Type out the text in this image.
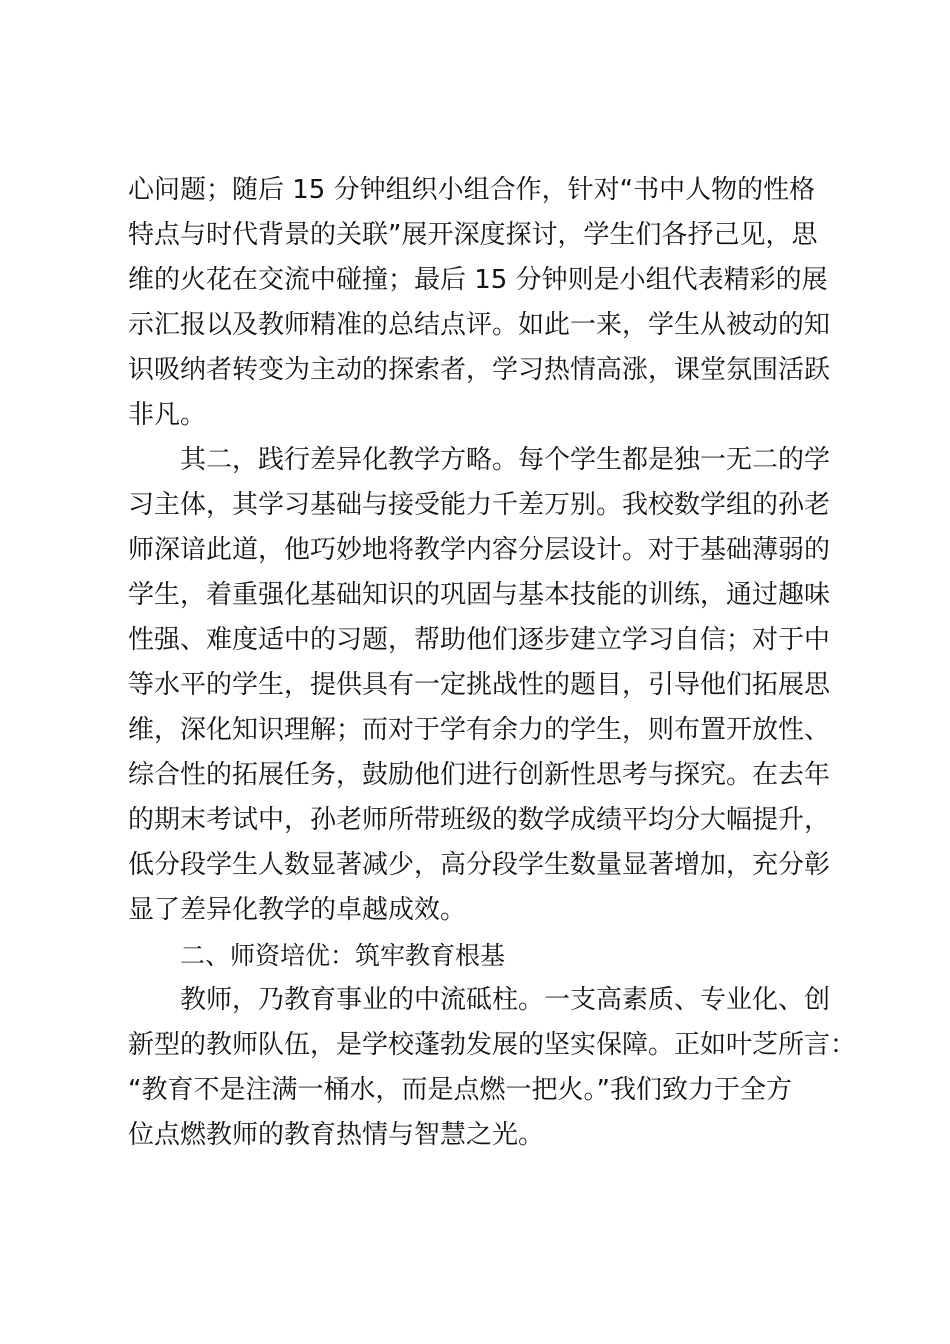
心问题；随后 15 分钟组织小组合作，针对“书中人物的性格
特点与时代背景的关联”展开深度探讨，学生们各抒己见，思
维的火花在交流中碰撞；最后 15 分钟则是小组代表精彩的展
示汇报以及教师精准的总结点评。如此一来，学生从被动的知
识吸纳者转变为主动的探索者，学习热情高涨，课堂氛围活跃
非凡。
其二，践行差异化教学方略。每个学生都是独一无二的学
习主体，其学习基础与接受能力千差万别。我校数学组的孙老
师深谙此道，他巧妙地将教学内容分层设计。对于基础薄弱的
学生，着重强化基础知识的巩固与基本技能的训练，通过趣味
性强、难度适中的习题，帮助他们逐步建立学习自信；对于中
等水平的学生，提供具有一定挑战性的题目，引导他们拓展思
维，深化知识理解；而对于学有余力的学生，则布置开放性、
综合性的拓展任务，鼓励他们进行创新性思考与探究。在去年
的期末考试中，孙老师所带班级的数学成绩平均分大幅提升，
低分段学生人数显著减少，高分段学生数量显著增加，充分彰
显了差异化教学的卓越成效。
二、师资培优：筑牢教育根基
教师，乃教育事业的中流砥柱。一支高素质、专业化、创
新型的教师队伍，是学校蓬勃发展的坚实保障。正如叶芝所言：
“教育不是注满一桶水，而是点燃一把火。”我们致力于全方
位点燃教师的教育热情与智慧之光。
